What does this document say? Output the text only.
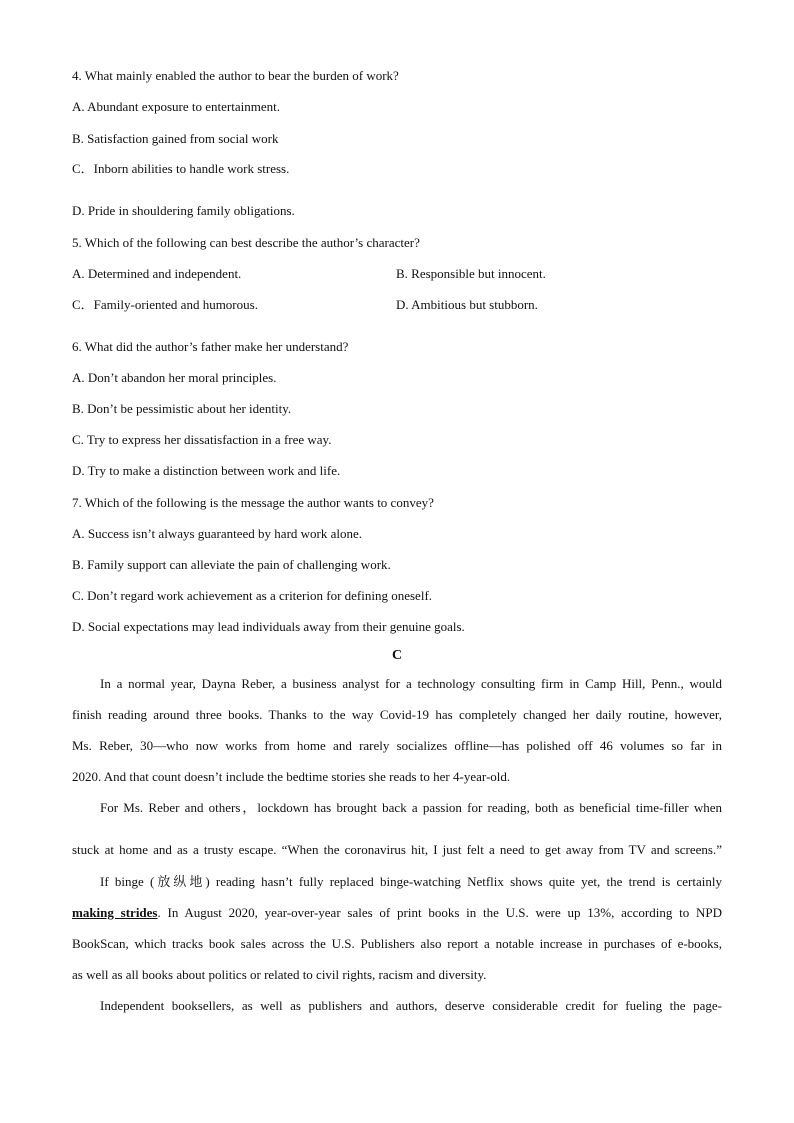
4. What mainly enabled the author to bear the burden of work?
A. Abundant exposure to entertainment.
B. Satisfaction gained from social work
C．Inborn abilities to handle work stress.
D. Pride in shouldering family obligations.
5. Which of the following can best describe the author’s character?
A. Determined and independent.	B. Responsible but innocent.
C．Family-oriented and humorous.	D. Ambitious but stubborn.
6. What did the author’s father make her understand?
A. Don’t abandon her moral principles.
B. Don’t be pessimistic about her identity.
C. Try to express her dissatisfaction in a free way.
D. Try to make a distinction between work and life.
7. Which of the following is the message the author wants to convey?
A. Success isn’t always guaranteed by hard work alone.
B. Family support can alleviate the pain of challenging work.
C. Don’t regard work achievement as a criterion for defining oneself.
D. Social expectations may lead individuals away from their genuine goals.
C
In a normal year, Dayna Reber, a business analyst for a technology consulting firm in Camp Hill, Penn., would
finish reading around three books. Thanks to the way Covid-19 has completely changed her daily routine, however,
Ms. Reber, 30—who now works from home and rarely socializes offline—has polished off 46 volumes so far in
2020. And that count doesn’t include the bedtime stories she reads to her 4-year-old.
For Ms. Reber and others，lockdown has brought back a passion for reading, both as beneficial time-filler when
stuck at home and as a trusty escape. “When the coronavirus hit, I just felt a need to get away from TV and screens.”
If binge (放纵地) reading hasn’t fully replaced binge-watching Netflix shows quite yet, the trend is certainly
making strides. In August 2020, year-over-year sales of print books in the U.S. were up 13%, according to NPD
BookScan, which tracks book sales across the U.S. Publishers also report a notable increase in purchases of e-books,
as well as all books about politics or related to civil rights, racism and diversity.
Independent booksellers, as well as publishers and authors, deserve considerable credit for fueling the page-
